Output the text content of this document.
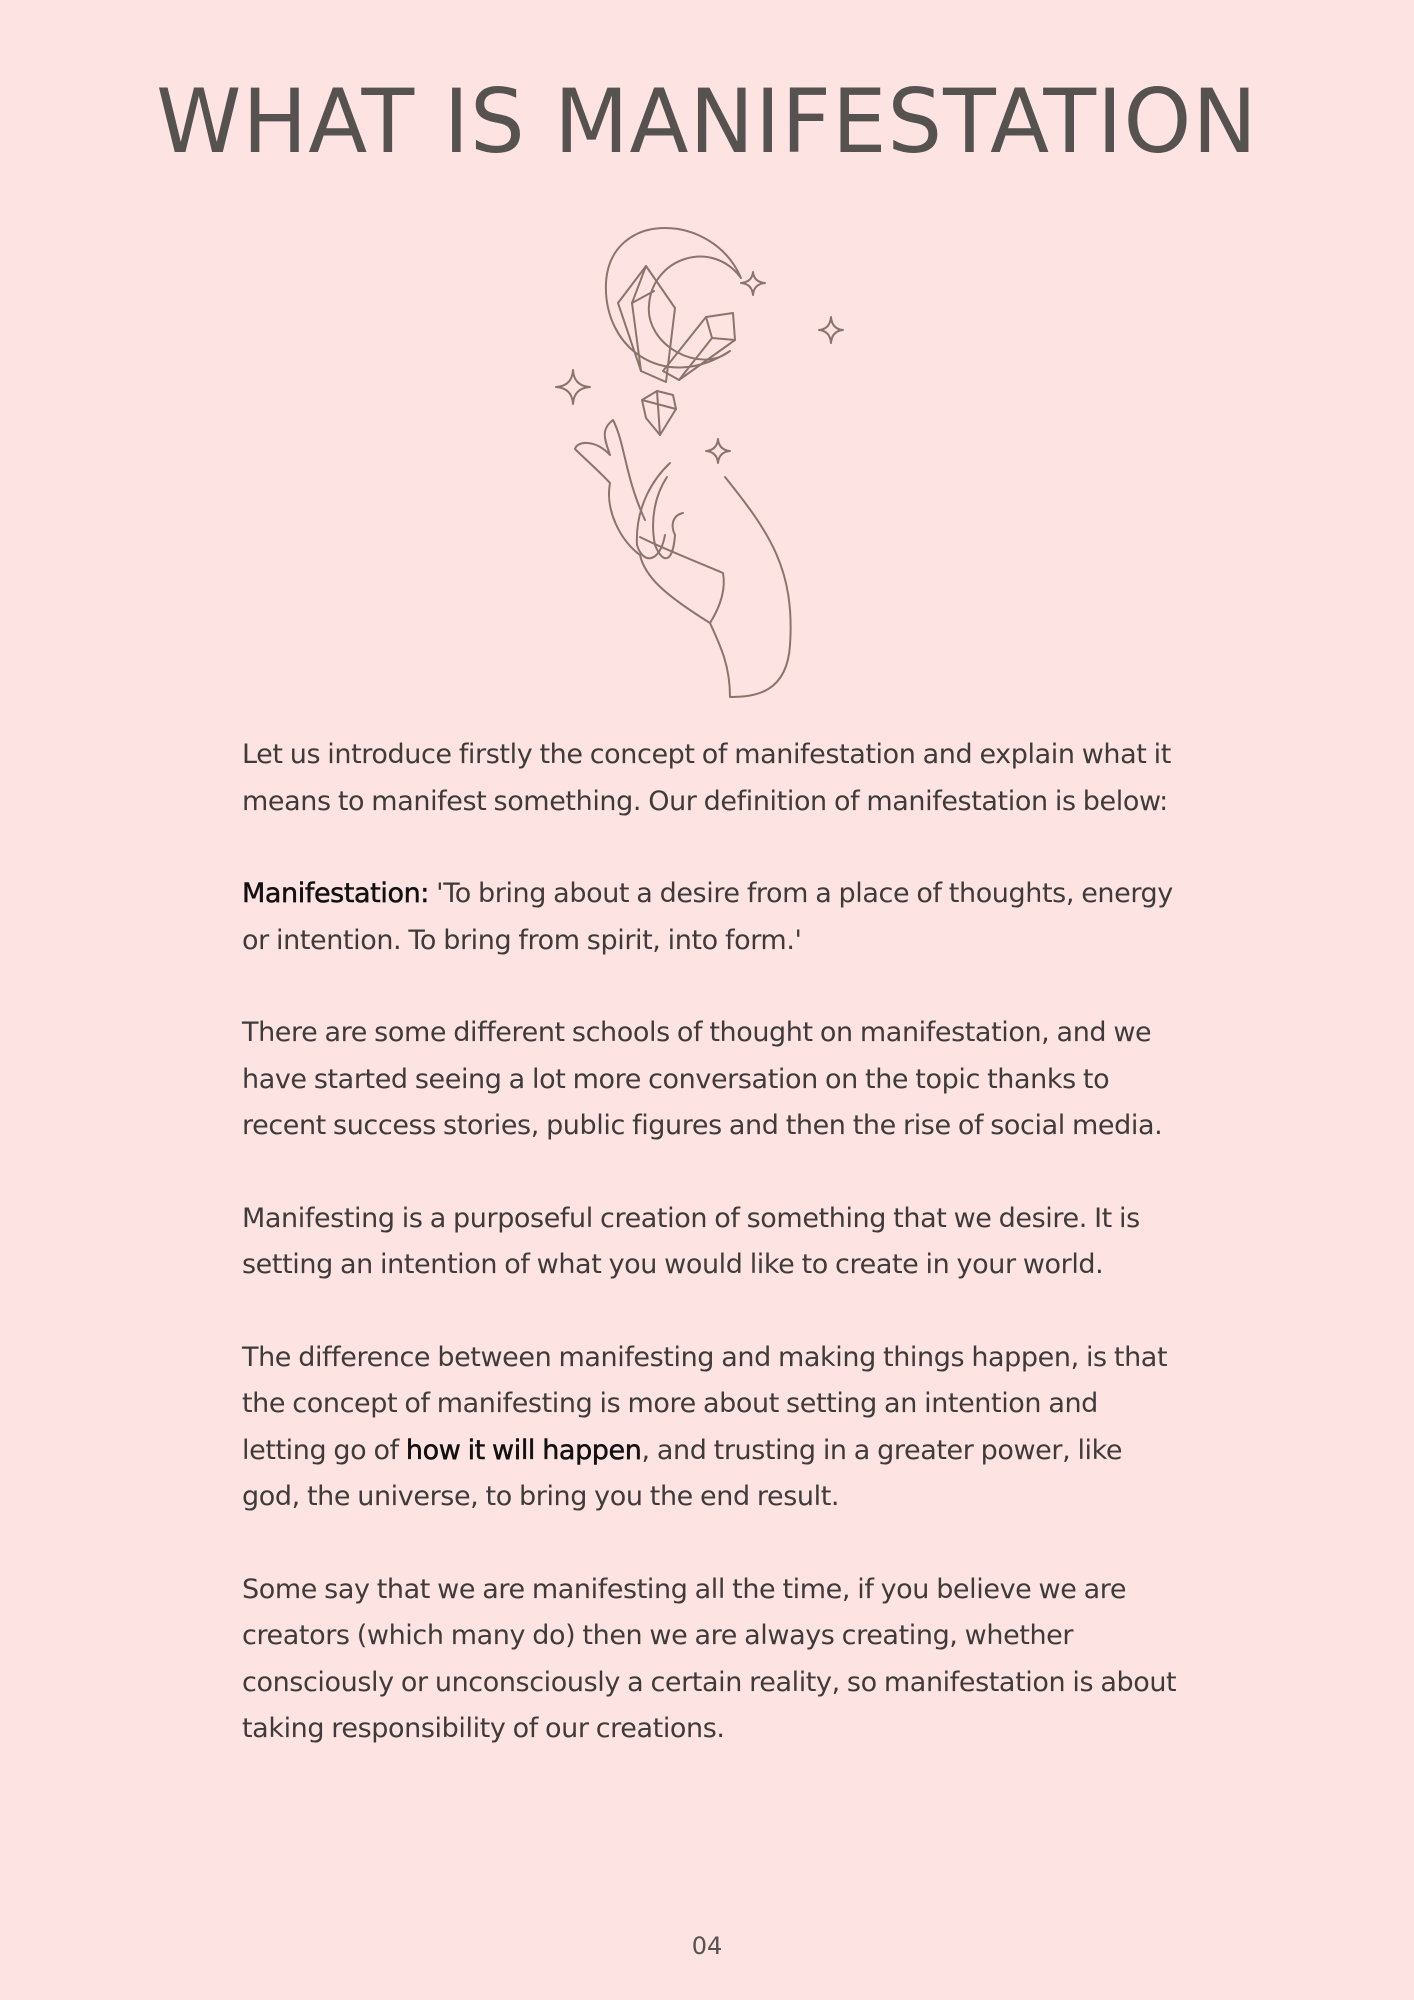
WHAT IS MANIFESTATION

Let us introduce firstly the concept of manifestation and explain what it means to manifest something. Our definition of manifestation is below:

Manifestation: 'To bring about a desire from a place of thoughts, energy or intention. To bring from spirit, into form.'

There are some different schools of thought on manifestation, and we have started seeing a lot more conversation on the topic thanks to recent success stories, public figures and then the rise of social media.

Manifesting is a purposeful creation of something that we desire. It is setting an intention of what you would like to create in your world.

The difference between manifesting and making things happen, is that the concept of manifesting is more about setting an intention and letting go of how it will happen, and trusting in a greater power, like god, the universe, to bring you the end result.

Some say that we are manifesting all the time, if you believe we are creators (which many do) then we are always creating, whether consciously or unconsciously a certain reality, so manifestation is about taking responsibility of our creations.

04
